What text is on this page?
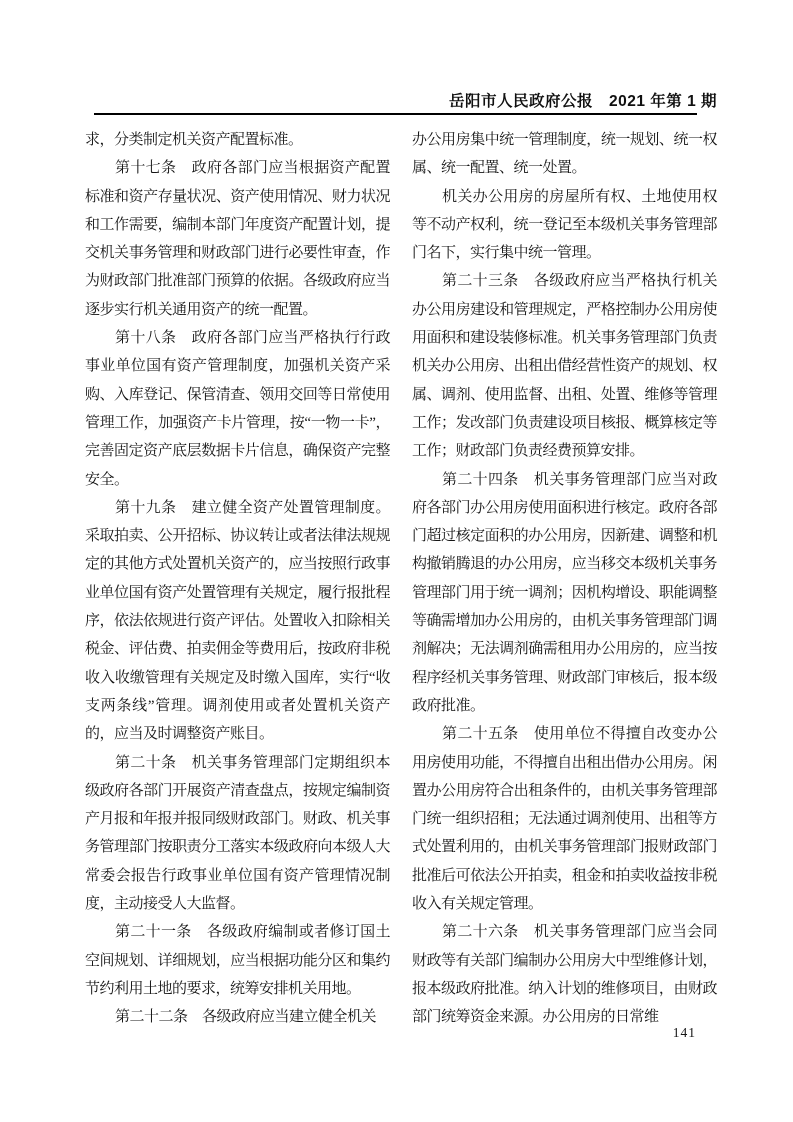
岳阳市人民政府公报　2021 年第 1 期

求，分类制定机关资产配置标准。

第十七条　政府各部门应当根据资产配置标准和资产存量状况、资产使用情况、财力状况和工作需要，编制本部门年度资产配置计划，提交机关事务管理和财政部门进行必要性审查，作为财政部门批准部门预算的依据。各级政府应当逐步实行机关通用资产的统一配置。

第十八条　政府各部门应当严格执行行政事业单位国有资产管理制度，加强机关资产采购、入库登记、保管清查、领用交回等日常使用管理工作，加强资产卡片管理，按“一物一卡”，完善固定资产底层数据卡片信息，确保资产完整安全。

第十九条　建立健全资产处置管理制度。采取拍卖、公开招标、协议转让或者法律法规规定的其他方式处置机关资产的，应当按照行政事业单位国有资产处置管理有关规定，履行报批程序，依法依规进行资产评估。处置收入扣除相关税金、评估费、拍卖佣金等费用后，按政府非税收入收缴管理有关规定及时缴入国库，实行“收支两条线”管理。调剂使用或者处置机关资产的，应当及时调整资产账目。

第二十条　机关事务管理部门定期组织本级政府各部门开展资产清查盘点，按规定编制资产月报和年报并报同级财政部门。财政、机关事务管理部门按职责分工落实本级政府向本级人大常委会报告行政事业单位国有资产管理情况制度，主动接受人大监督。

第二十一条　各级政府编制或者修订国土空间规划、详细规划，应当根据功能分区和集约节约利用土地的要求，统筹安排机关用地。

第二十二条　各级政府应当建立健全机关

办公用房集中统一管理制度，统一规划、统一权属、统一配置、统一处置。

机关办公用房的房屋所有权、土地使用权等不动产权利，统一登记至本级机关事务管理部门名下，实行集中统一管理。

第二十三条　各级政府应当严格执行机关办公用房建设和管理规定，严格控制办公用房使用面积和建设装修标准。机关事务管理部门负责机关办公用房、出租出借经营性资产的规划、权属、调剂、使用监督、出租、处置、维修等管理工作；发改部门负责建设项目核报、概算核定等工作；财政部门负责经费预算安排。

第二十四条　机关事务管理部门应当对政府各部门办公用房使用面积进行核定。政府各部门超过核定面积的办公用房，因新建、调整和机构撤销腾退的办公用房，应当移交本级机关事务管理部门用于统一调剂；因机构增设、职能调整等确需增加办公用房的，由机关事务管理部门调剂解决；无法调剂确需租用办公用房的，应当按程序经机关事务管理、财政部门审核后，报本级政府批准。

第二十五条　使用单位不得擅自改变办公用房使用功能，不得擅自出租出借办公用房。闲置办公用房符合出租条件的，由机关事务管理部门统一组织招租；无法通过调剂使用、出租等方式处置利用的，由机关事务管理部门报财政部门批准后可依法公开拍卖，租金和拍卖收益按非税收入有关规定管理。

第二十六条　机关事务管理部门应当会同财政等有关部门编制办公用房大中型维修计划，报本级政府批准。纳入计划的维修项目，由财政部门统筹资金来源。办公用房的日常维

141
